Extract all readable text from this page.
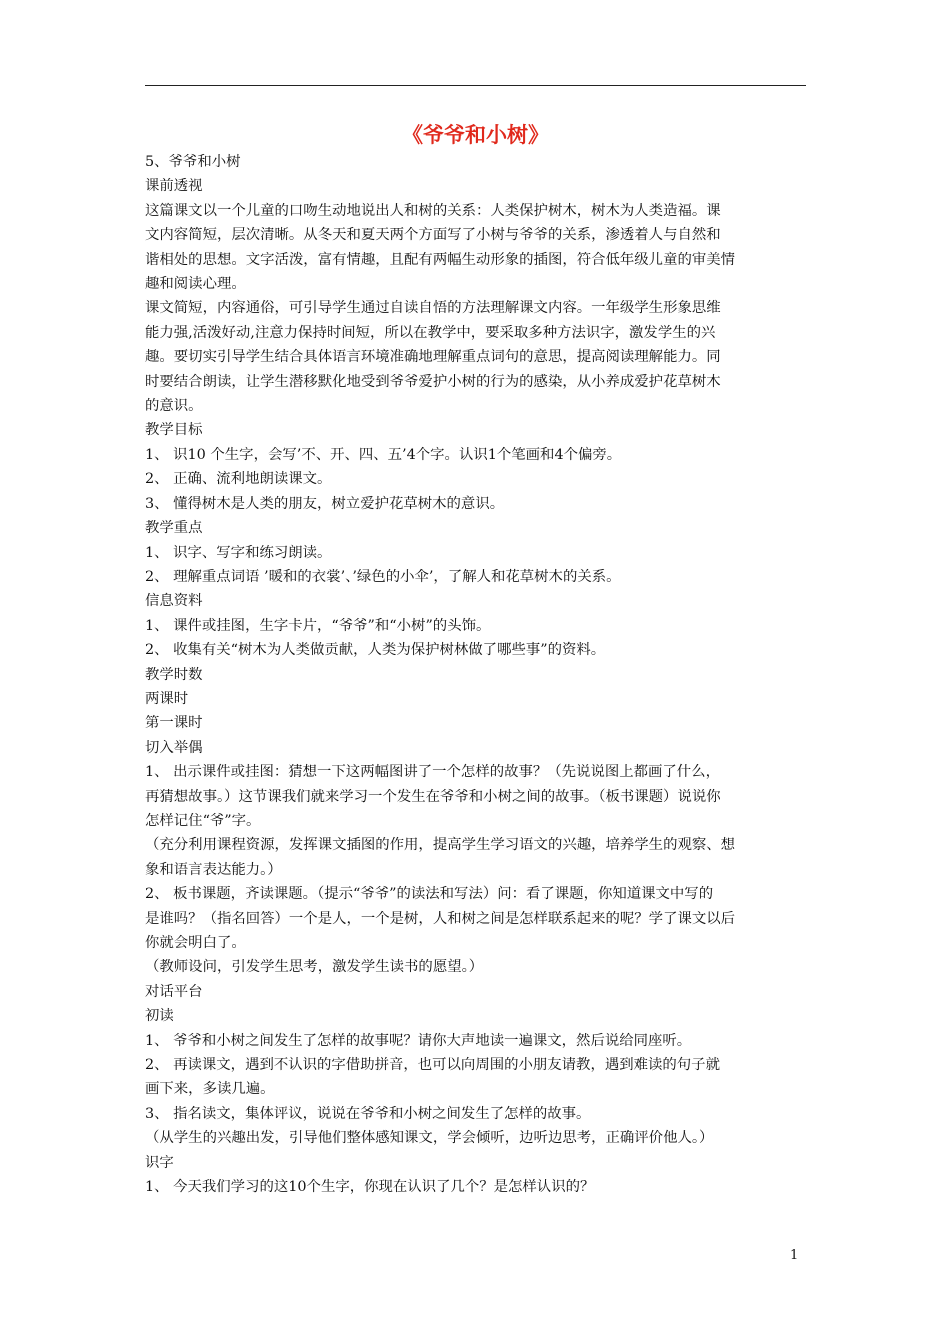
《爷爷和小树》

5、爷爷和小树

课前透视

这篇课文以一个儿童的口吻生动地说出人和树的关系：人类保护树木，树木为人类造福。课

文内容简短，层次清晰。从冬天和夏天两个方面写了小树与爷爷的关系，渗透着人与自然和

谐相处的思想。文字活泼，富有情趣，且配有两幅生动形象的插图，符合低年级儿童的审美情

趣和阅读心理。

课文简短，内容通俗，可引导学生通过自读自悟的方法理解课文内容。一年级学生形象思维

能力强,活泼好动,注意力保持时间短，所以在教学中，要采取多种方法识字，激发学生的兴

趣。要切实引导学生结合具体语言环境准确地理解重点词句的意思，提高阅读理解能力。同

时要结合朗读，让学生潜移默化地受到爷爷爱护小树的行为的感染，从小养成爱护花草树木

的意识。

教学目标

1、 识10 个生字，会写’不、开、四、五’4个字。认识1个笔画和4个偏旁。

2、 正确、流利地朗读课文。

3、 懂得树木是人类的朋友，树立爱护花草树木的意识。

教学重点

1、 识字、写字和练习朗读。

2、 理解重点词语 ’暖和的衣裳’、’绿色的小伞’，了解人和花草树木的关系。

信息资料

1、 课件或挂图，生字卡片，“爷爷”和“小树”的头饰。

2、 收集有关“树木为人类做贡献，人类为保护树林做了哪些事”的资料。

教学时数

两课时

第一课时

切入举偶

1、 出示课件或挂图：猜想一下这两幅图讲了一个怎样的故事？（先说说图上都画了什么，

再猜想故事。）这节课我们就来学习一个发生在爷爷和小树之间的故事。（板书课题）说说你

怎样记住“爷”字。

（充分利用课程资源，发挥课文插图的作用，提高学生学习语文的兴趣，培养学生的观察、想

象和语言表达能力。）

2、 板书课题，齐读课题。（提示“爷爷”的读法和写法）问：看了课题，你知道课文中写的

是谁吗？（指名回答）一个是人，一个是树，人和树之间是怎样联系起来的呢？学了课文以后

你就会明白了。

（教师设问，引发学生思考，激发学生读书的愿望。）

对话平台

初读

1、 爷爷和小树之间发生了怎样的故事呢？请你大声地读一遍课文，然后说给同座听。

2、 再读课文，遇到不认识的字借助拼音，也可以向周围的小朋友请教，遇到难读的句子就

画下来，多读几遍。

3、 指名读文，集体评议，说说在爷爷和小树之间发生了怎样的故事。

（从学生的兴趣出发，引导他们整体感知课文，学会倾听，边听边思考，正确评价他人。）

识字

1、 今天我们学习的这10个生字，你现在认识了几个？是怎样认识的？

1
